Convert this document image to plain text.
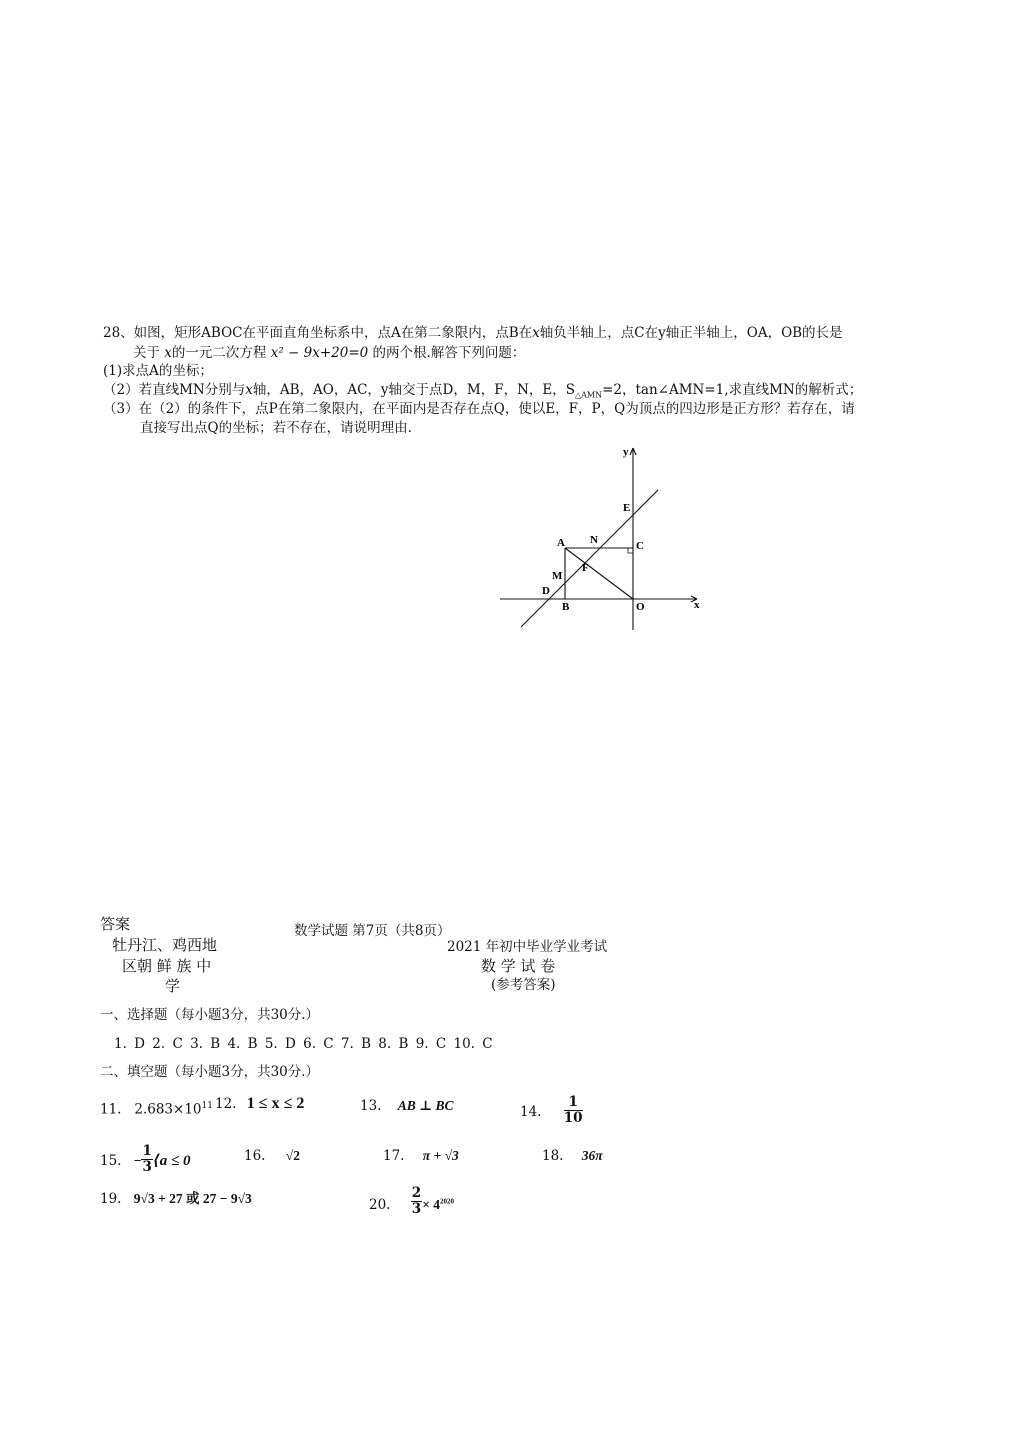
28、如图，矩形ABOC在平面直角坐标系中，点A在第二象限内，点B在x轴负半轴上，点C在y轴正半轴上，OA，OB的长是
关于 x的一元二次方程 x² − 9x+20=0 的两个根.解答下列问题：
(1)求点A的坐标；
（2）若直线MN分别与x轴，AB，AO，AC，y轴交于点D，M，F，N，E，$S_{\triangle AMN}=2$，tan∠AMN=1,求直线MN的解析式；
（3）在（2）的条件下，点P在第二象限内，在平面内是否存在点Q，使以E，F，P，Q为顶点的四边形是正方形？若存在，请
直接写出点Q的坐标；若不存在，请说明理由.
y
x
E
A N	C
F
M
D
B	O
答案	数学试题 第7页（共8页）
牡丹江、鸡西地
区朝 鲜 族 中
学
2021 年初中毕业学业考试
数 学 试 卷
(参考答案)
一、选择题（每小题3分，共30分.）
1. D 2. C 3. B 4. B 5. D 6. C 7. B 8. B 9. C 10. C
二、填空题（每小题3分，共30分.）
11. $2.683\times 10^{11}$ 12. 1 ≤ x ≤ 2	13. AB ⊥ BC	14. $\frac{1}{10}$
15. − $\frac{1}{3}$ ⟨a ≤ 0	16. √2	17. π + √3	18. 36π
19. 9√3 + 27 或 27 − 9√3	20. $\frac{2}{3} \times 4^{2020}$
